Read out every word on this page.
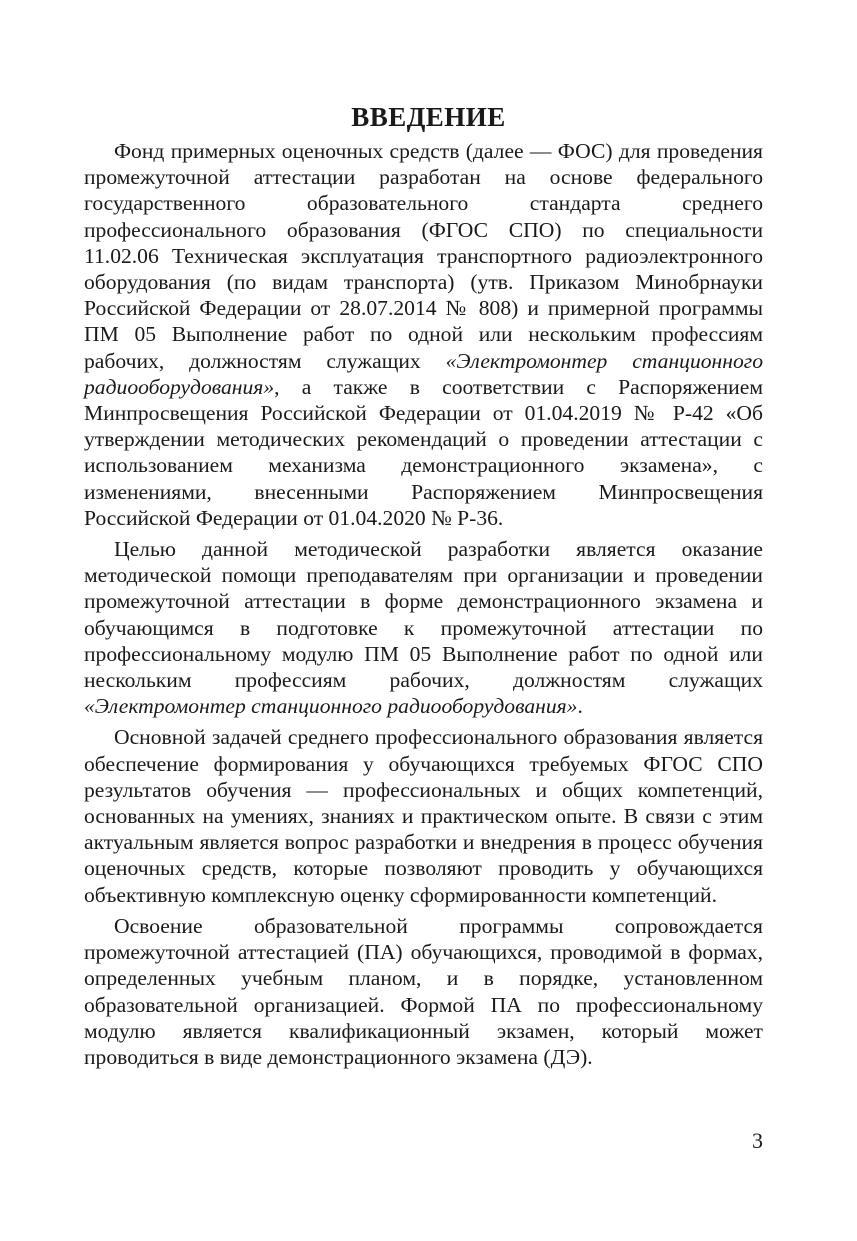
ВВЕДЕНИЕ

Фонд примерных оценочных средств (далее — ФОС) для проведения промежуточной аттестации разработан на основе федерального государственного образовательного стандарта среднего профессионального образования (ФГОС СПО) по специальности 11.02.06 Техническая эксплуатация транспортного радиоэлектронного оборудования (по видам транспорта) (утв. Приказом Минобрнауки Российской Федерации от 28.07.2014 № 808) и примерной программы ПМ 05 Выполнение работ по одной или нескольким профессиям рабочих, должностям служащих «Электромонтер станционного радиооборудования», а также в соответствии с Распоряжением Минпросвещения Российской Федерации от 01.04.2019 № Р-42 «Об утверждении методических рекомендаций о проведении аттестации с использованием механизма демонстрационного экзамена», с изменениями, внесенными Распоряжением Минпросвещения Российской Федерации от 01.04.2020 № Р-36.

Целью данной методической разработки является оказание методической помощи преподавателям при организации и проведении промежуточной аттестации в форме демонстрационного экзамена и обучающимся в подготовке к промежуточной аттестации по профессиональному модулю ПМ 05 Выполнение работ по одной или нескольким профессиям рабочих, должностям служащих «Электромонтер станционного радиооборудования».

Основной задачей среднего профессионального образования является обеспечение формирования у обучающихся требуемых ФГОС СПО результатов обучения — профессиональных и общих компетенций, основанных на умениях, знаниях и практическом опыте. В связи с этим актуальным является вопрос разработки и внедрения в процесс обучения оценочных средств, которые позволяют проводить у обучающихся объективную комплексную оценку сформированности компетенций.

Освоение образовательной программы сопровождается промежуточной аттестацией (ПА) обучающихся, проводимой в формах, определенных учебным планом, и в порядке, установленном образовательной организацией. Формой ПА по профессиональному модулю является квалификационный экзамен, который может проводиться в виде демонстрационного экзамена (ДЭ).

3
